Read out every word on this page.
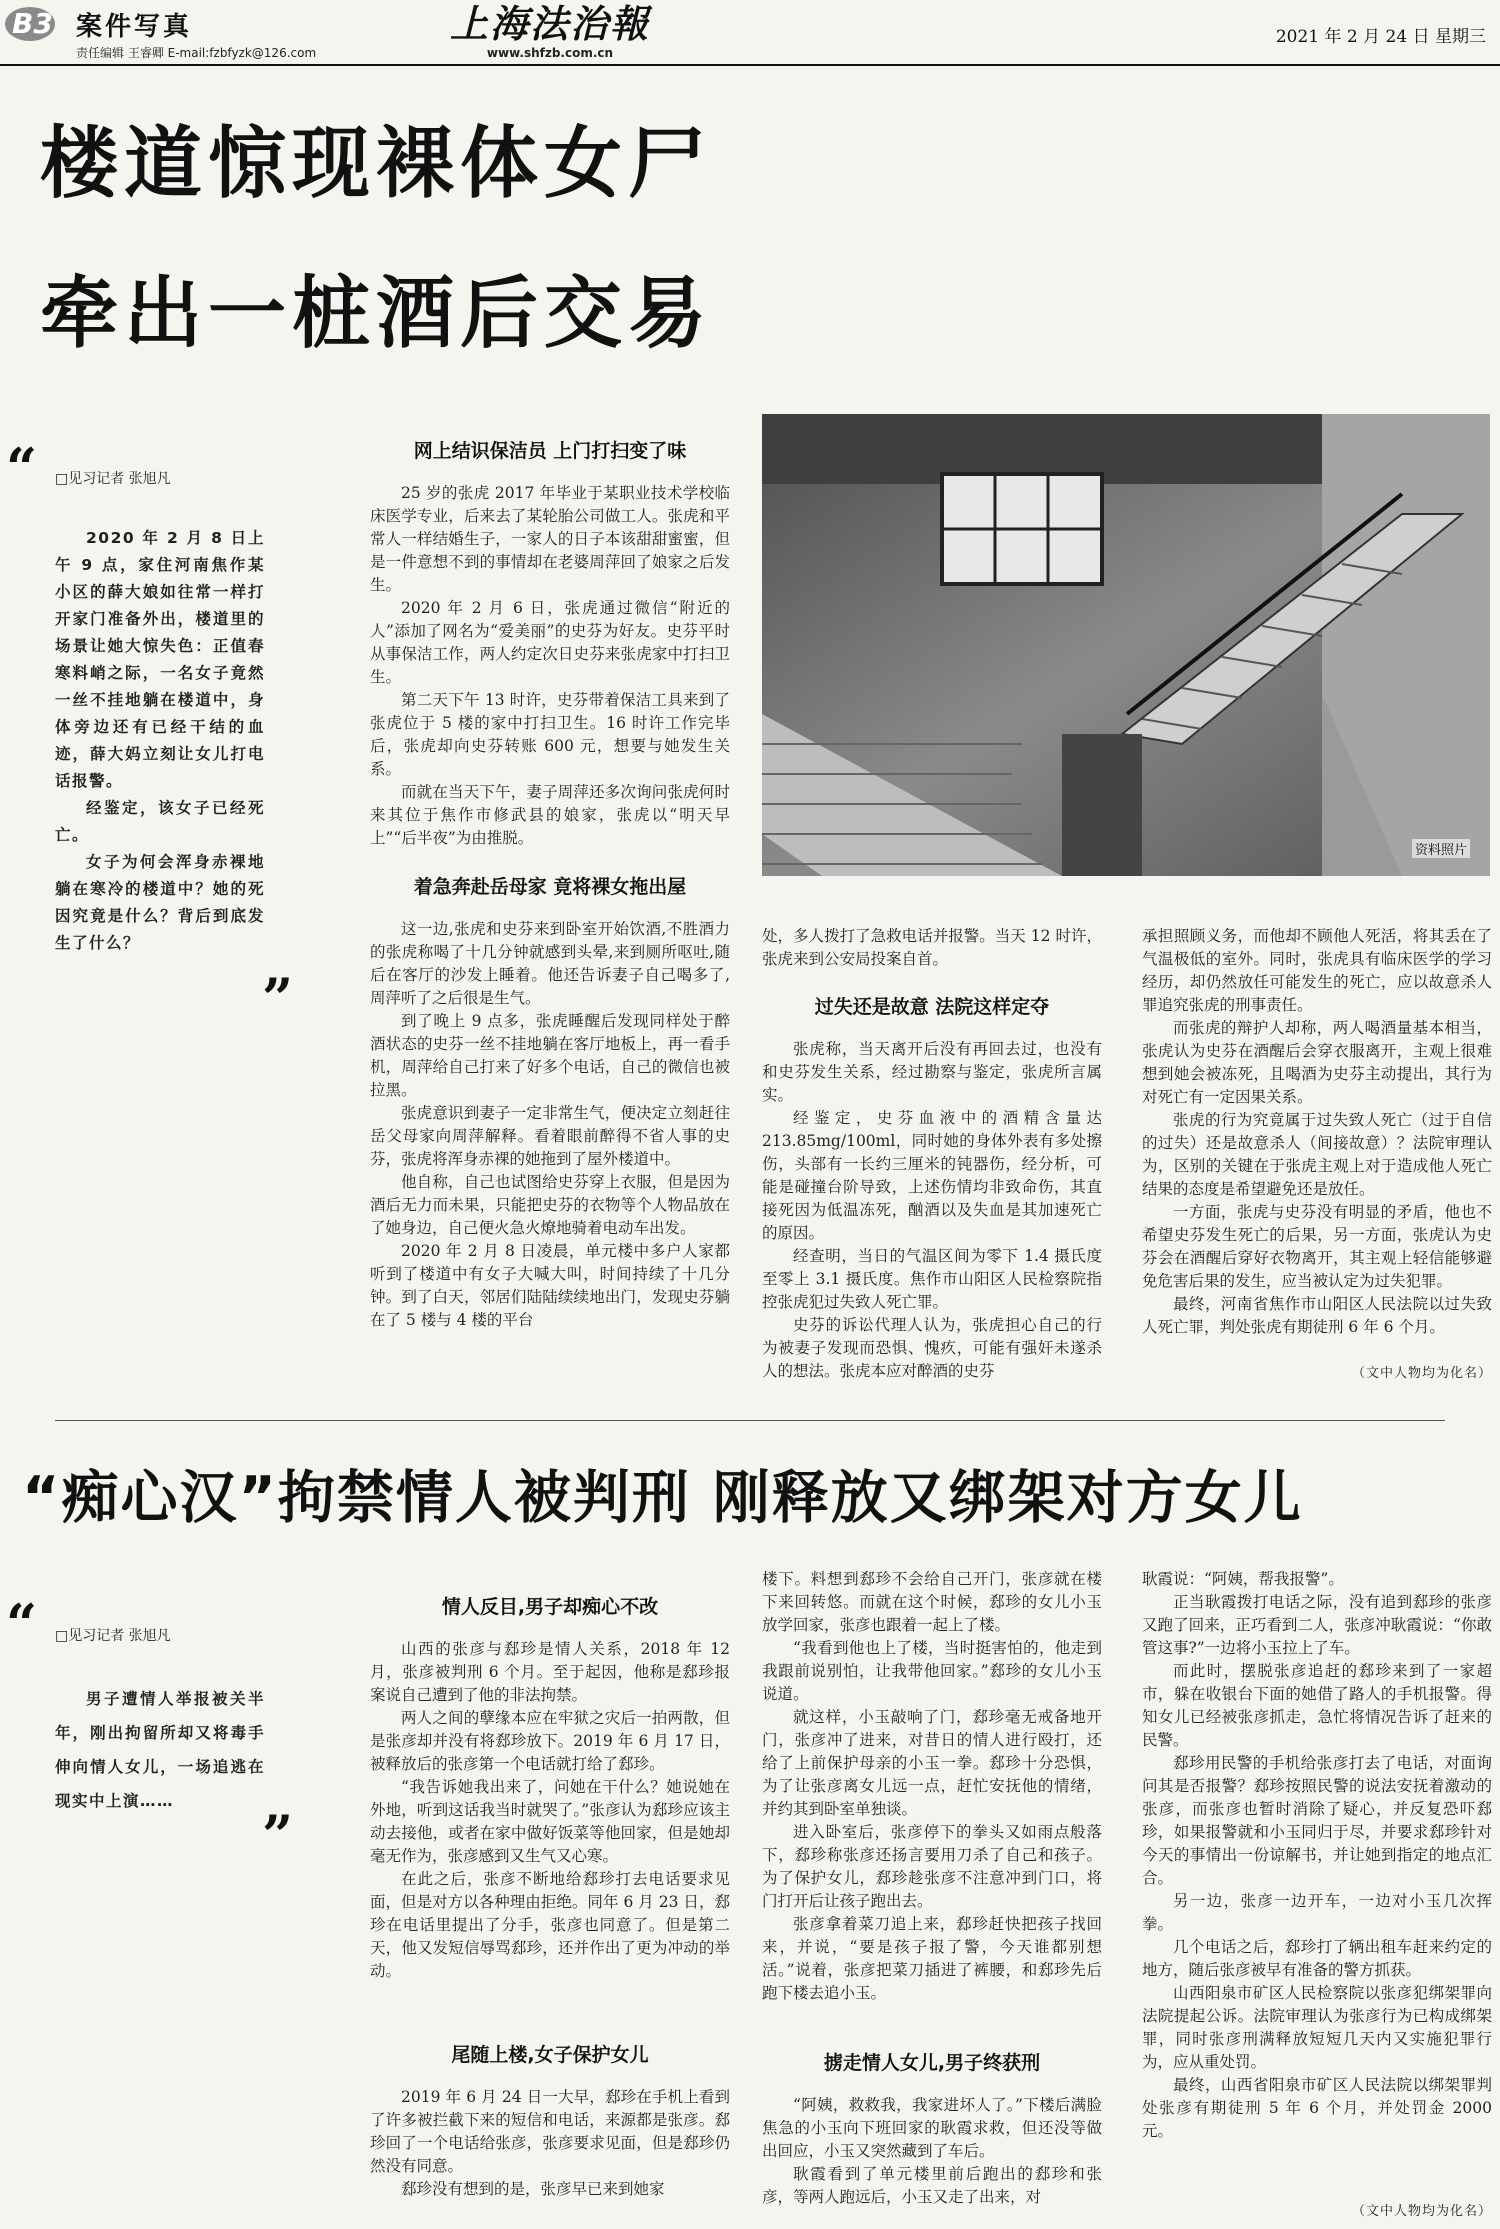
B3 案件写真
责任编辑 王睿卿 E-mail:fzbfyzk@126.com
上海法治報
www.shfzb.com.cn
2021 年 2 月 24 日 星期三
楼道惊现裸体女尸
牵出一桩酒后交易
“ □见习记者 张旭凡

2020 年 2 月 8 日上午 9 点，家住河南焦作某小区的薛大娘如往常一样打开家门准备外出，楼道里的场景让她大惊失色：正值春寒料峭之际，一名女子竟然一丝不挂地躺在楼道中，身体旁边还有已经干结的血迹，薛大妈立刻让女儿打电话报警。

经鉴定，该女子已经死亡。

女子为何会浑身赤裸地躺在寒冷的楼道中？她的死因究竟是什么？背后到底发生了什么？

”
网上结识保洁员 上门打扫变了味

25 岁的张虎 2017 年毕业于某职业技术学校临床医学专业，后来去了某轮胎公司做工人。张虎和平常人一样结婚生子，一家人的日子本该甜甜蜜蜜，但是一件意想不到的事情却在老婆周萍回了娘家之后发生。

2020 年 2 月 6 日，张虎通过微信“附近的人”添加了网名为“爱美丽”的史芬为好友。史芬平时从事保洁工作，两人约定次日史芬来张虎家中打扫卫生。

第二天下午 13 时许，史芬带着保洁工具来到了张虎位于 5 楼的家中打扫卫生。16 时许工作完毕后，张虎却向史芬转账 600 元，想要与她发生关系。

而就在当天下午，妻子周萍还多次询问张虎何时来其位于焦作市修武县的娘家，张虎以“明天早上”“后半夜”为由推脱。

着急奔赴岳母家 竟将裸女拖出屋

这一边,张虎和史芬来到卧室开始饮酒,不胜酒力的张虎称喝了十几分钟就感到头晕,来到厕所呕吐,随后在客厅的沙发上睡着。他还告诉妻子自己喝多了,周萍听了之后很是生气。

到了晚上 9 点多，张虎睡醒后发现同样处于醉酒状态的史芬一丝不挂地躺在客厅地板上，再一看手机，周萍给自己打来了好多个电话，自己的微信也被拉黑。

张虎意识到妻子一定非常生气，便决定立刻赶往岳父母家向周萍解释。看着眼前醉得不省人事的史芬，张虎将浑身赤裸的她拖到了屋外楼道中。

他自称，自己也试图给史芬穿上衣服，但是因为酒后无力而未果，只能把史芬的衣物等个人物品放在了她身边，自己便火急火燎地骑着电动车出发。

2020 年 2 月 8 日凌晨，单元楼中多户人家都听到了楼道中有女子大喊大叫，时间持续了十几分钟。到了白天，邻居们陆陆续续地出门，发现史芬躺在了 5 楼与 4 楼的平台

资料照片

处，多人拨打了急救电话并报警。当天 12 时许，张虎来到公安局投案自首。

过失还是故意 法院这样定夺

张虎称，当天离开后没有再回去过，也没有和史芬发生关系，经过勘察与鉴定，张虎所言属实。

经鉴定，史芬血液中的酒精含量达 213.85mg/100ml，同时她的身体外表有多处擦伤，头部有一长约三厘米的钝器伤，经分析，可能是碰撞台阶导致，上述伤情均非致命伤，其直接死因为低温冻死，酗酒以及失血是其加速死亡的原因。

经查明，当日的气温区间为零下 1.4 摄氏度至零上 3.1 摄氏度。焦作市山阳区人民检察院指控张虎犯过失致人死亡罪。

史芬的诉讼代理人认为，张虎担心自己的行为被妻子发现而恐惧、愧疚，可能有强奸未遂杀人的想法。张虎本应对醉酒的史芬

承担照顾义务，而他却不顾他人死活，将其丢在了气温极低的室外。同时，张虎具有临床医学的学习经历，却仍然放任可能发生的死亡，应以故意杀人罪追究张虎的刑事责任。

而张虎的辩护人却称，两人喝酒量基本相当，张虎认为史芬在酒醒后会穿衣服离开，主观上很难想到她会被冻死，且喝酒为史芬主动提出，其行为对死亡有一定因果关系。

张虎的行为究竟属于过失致人死亡（过于自信的过失）还是故意杀人（间接故意）？法院审理认为，区别的关键在于张虎主观上对于造成他人死亡结果的态度是希望避免还是放任。

一方面，张虎与史芬没有明显的矛盾，他也不希望史芬发生死亡的后果，另一方面，张虎认为史芬会在酒醒后穿好衣物离开，其主观上轻信能够避免危害后果的发生，应当被认定为过失犯罪。

最终，河南省焦作市山阳区人民法院以过失致人死亡罪，判处张虎有期徒刑 6 年 6 个月。

（文中人物均为化名）
“痴心汉”拘禁情人被判刑 刚释放又绑架对方女儿
“ □见习记者 张旭凡

男子遭情人举报被关半年，刚出拘留所却又将毒手伸向情人女儿，一场追逃在现实中上演……

”
情人反目,男子却痴心不改

山西的张彦与郄珍是情人关系，2018 年 12 月，张彦被判刑 6 个月。至于起因，他称是郄珍报案说自己遭到了他的非法拘禁。

两人之间的孽缘本应在牢狱之灾后一拍两散，但是张彦却并没有将郄珍放下。2019 年 6 月 17 日，被释放后的张彦第一个电话就打给了郄珍。

“我告诉她我出来了，问她在干什么？她说她在外地，听到这话我当时就哭了。”张彦认为郄珍应该主动去接他，或者在家中做好饭菜等他回家，但是她却毫无作为，张彦感到又生气又心寒。

在此之后，张彦不断地给郄珍打去电话要求见面，但是对方以各种理由拒绝。同年 6 月 23 日，郄珍在电话里提出了分手，张彦也同意了。但是第二天，他又发短信辱骂郄珍，还并作出了更为冲动的举动。

尾随上楼,女子保护女儿

2019 年 6 月 24 日一大早，郄珍在手机上看到了许多被拦截下来的短信和电话，来源都是张彦。郄珍回了一个电话给张彦，张彦要求见面，但是郄珍仍然没有同意。

郄珍没有想到的是，张彦早已来到她家

楼下。料想到郄珍不会给自己开门，张彦就在楼下来回转悠。而就在这个时候，郄珍的女儿小玉放学回家，张彦也跟着一起上了楼。

“我看到他也上了楼，当时挺害怕的，他走到我跟前说别怕，让我带他回家。”郄珍的女儿小玉说道。

就这样，小玉敲响了门，郄珍毫无戒备地开门，张彦冲了进来，对昔日的情人进行殴打，还给了上前保护母亲的小玉一拳。郄珍十分恐惧，为了让张彦离女儿远一点，赶忙安抚他的情绪，并约其到卧室单独谈。

进入卧室后，张彦停下的拳头又如雨点般落下，郄珍称张彦还扬言要用刀杀了自己和孩子。为了保护女儿，郄珍趁张彦不注意冲到门口，将门打开后让孩子跑出去。

张彦拿着菜刀追上来，郄珍赶快把孩子找回来，并说，“要是孩子报了警，今天谁都别想活。”说着，张彦把菜刀插进了裤腰，和郄珍先后跑下楼去追小玉。

掳走情人女儿,男子终获刑

“阿姨，救救我，我家进坏人了。”下楼后满脸焦急的小玉向下班回家的耿霞求救，但还没等做出回应，小玉又突然藏到了车后。

耿霞看到了单元楼里前后跑出的郄珍和张彦，等两人跑远后，小玉又走了出来，对

耿霞说：“阿姨，帮我报警”。

正当耿霞拨打电话之际，没有追到郄珍的张彦又跑了回来，正巧看到二人，张彦冲耿霞说：“你敢管这事?”一边将小玉拉上了车。

而此时，摆脱张彦追赶的郄珍来到了一家超市，躲在收银台下面的她借了路人的手机报警。得知女儿已经被张彦抓走，急忙将情况告诉了赶来的民警。

郄珍用民警的手机给张彦打去了电话，对面询问其是否报警？郄珍按照民警的说法安抚着激动的张彦，而张彦也暂时消除了疑心，并反复恐吓郄珍，如果报警就和小玉同归于尽，并要求郄珍针对今天的事情出一份谅解书，并让她到指定的地点汇合。

另一边，张彦一边开车，一边对小玉几次挥拳。

几个电话之后，郄珍打了辆出租车赶来约定的地方，随后张彦被早有准备的警方抓获。

山西阳泉市矿区人民检察院以张彦犯绑架罪向法院提起公诉。法院审理认为张彦行为已构成绑架罪，同时张彦刑满释放短短几天内又实施犯罪行为，应从重处罚。

最终，山西省阳泉市矿区人民法院以绑架罪判处张彦有期徒刑 5 年 6 个月，并处罚金 2000 元。

（文中人物均为化名）
